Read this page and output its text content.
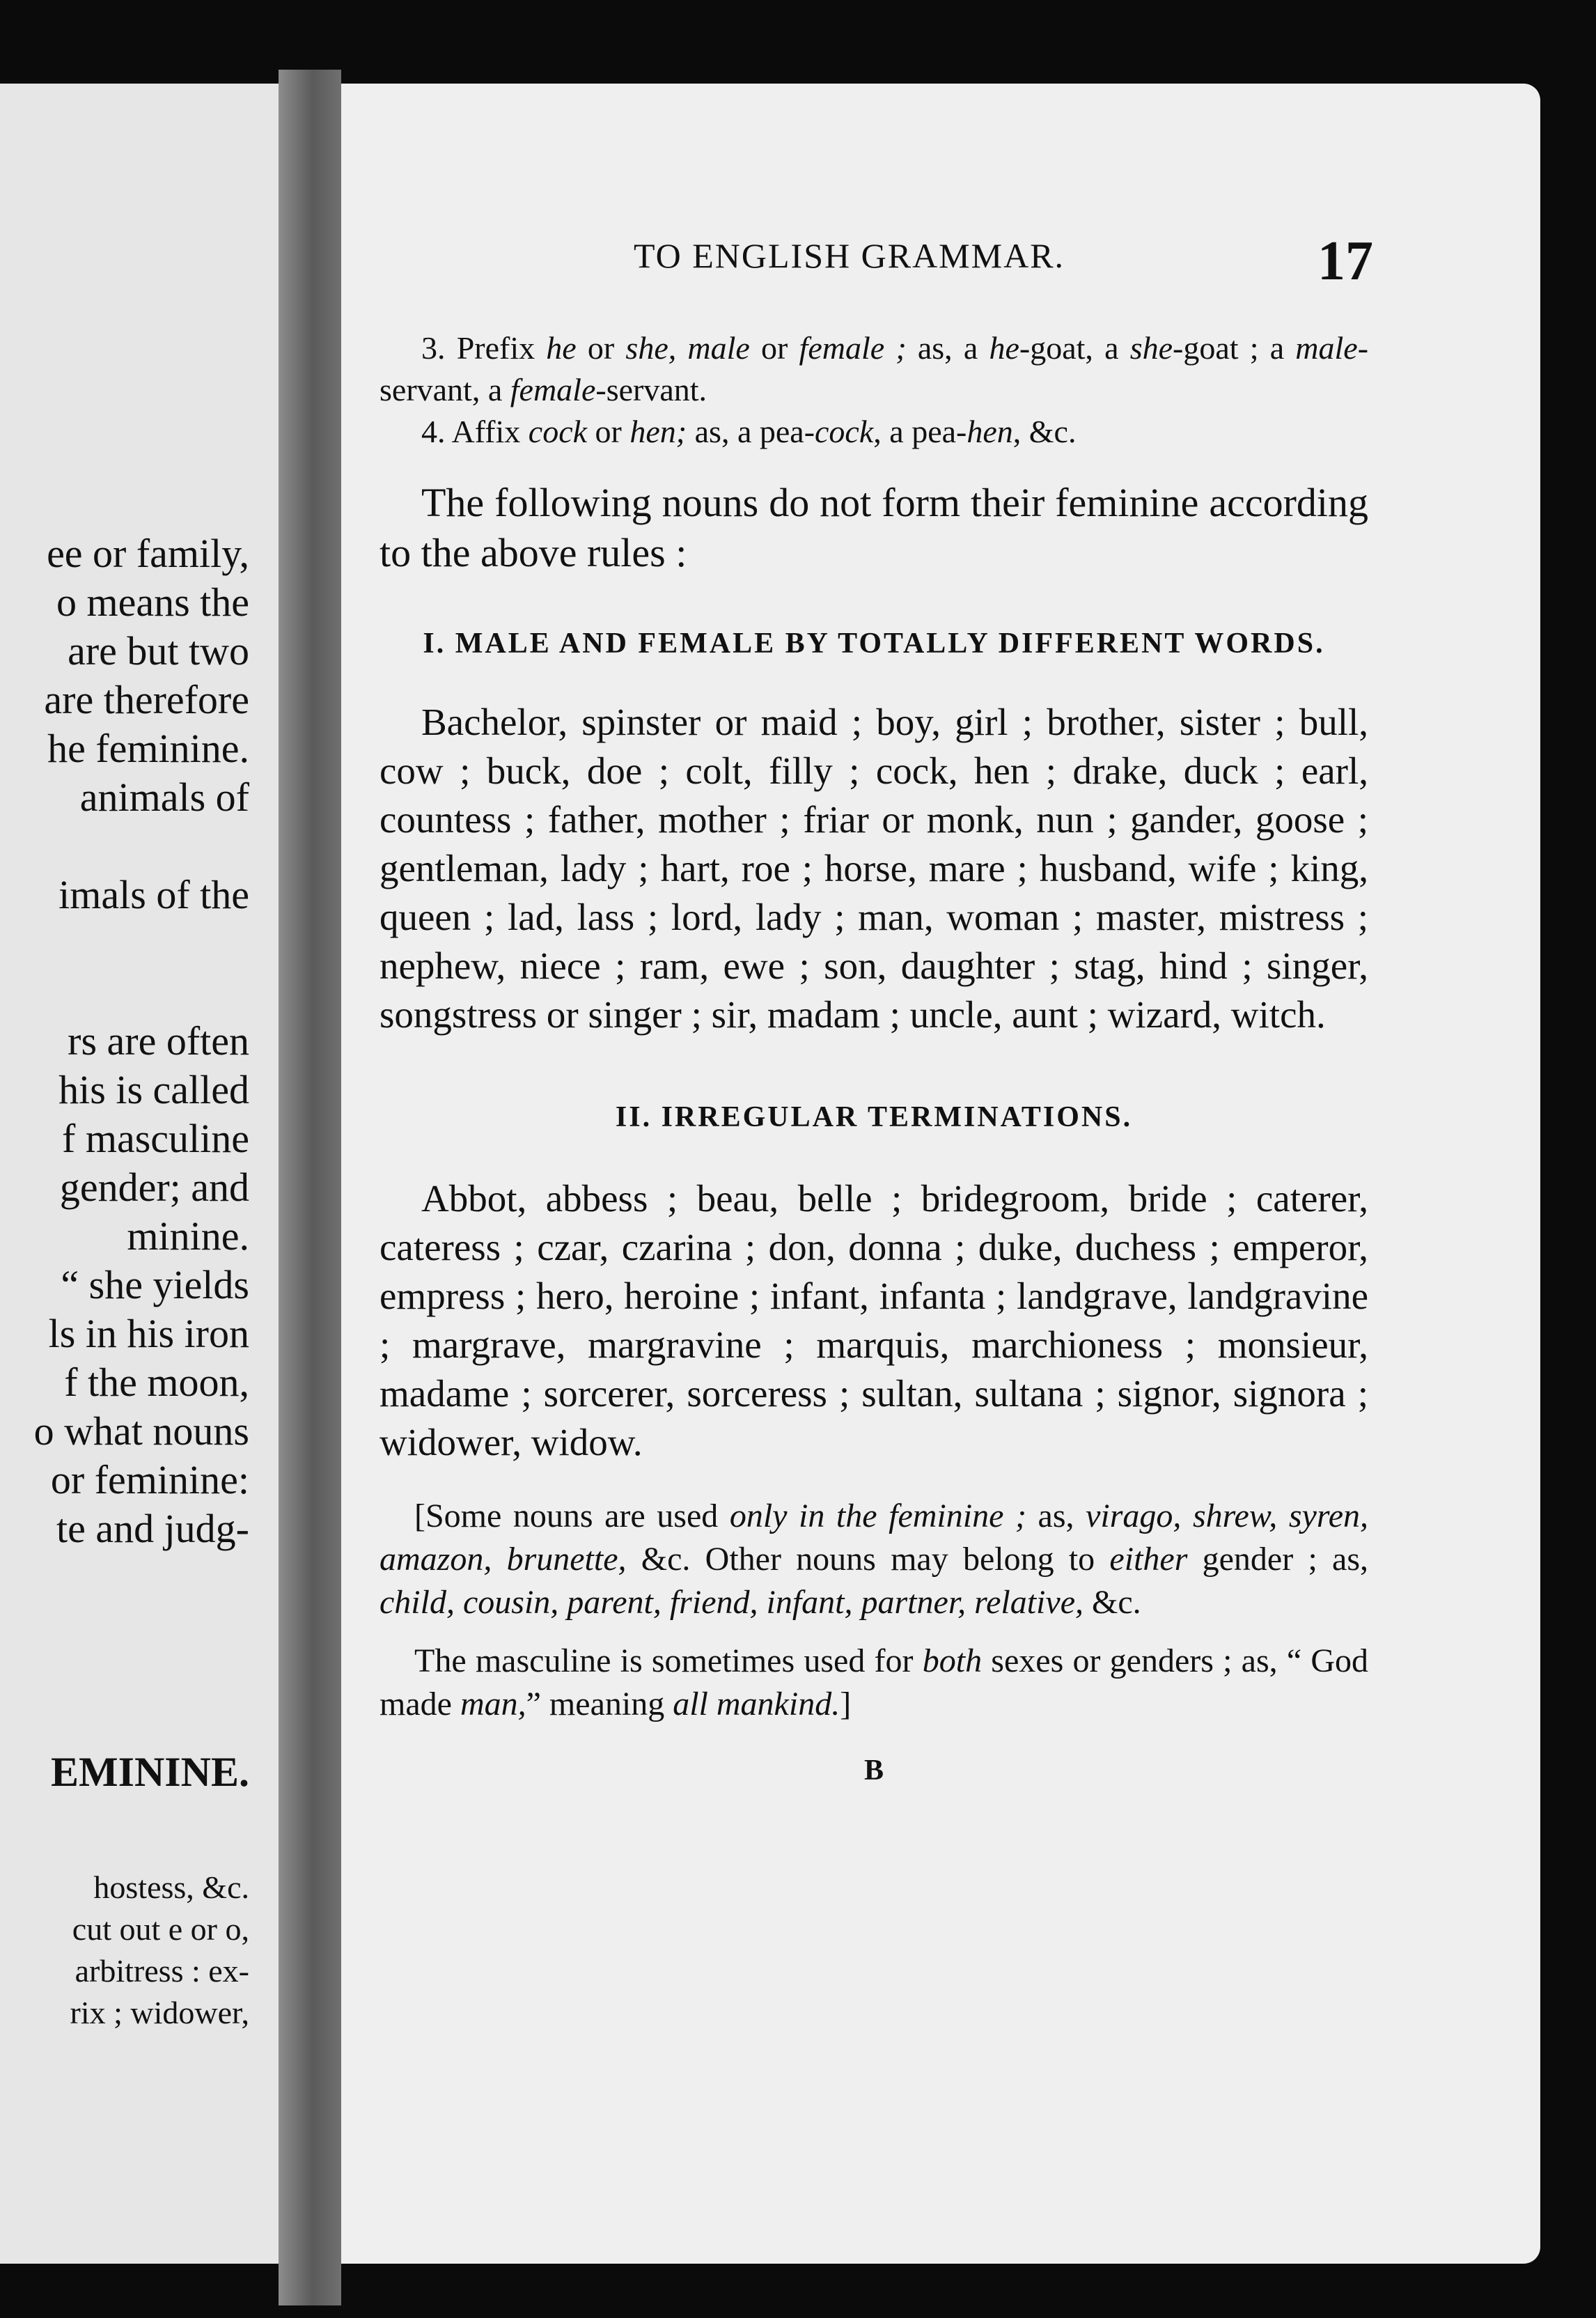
ee or family,
o means the
are but two
are therefore
he feminine.
animals of

imals of the

rs are often
his is called
f masculine
gender; and
minine.
“ she yields
ls in his iron
f the moon,
o what nouns
or feminine:
te and judg-

EMININE.

hostess, &c.
cut out e or o,
arbitress : ex-
rix ; widower,

TO ENGLISH GRAMMAR.	17

3. Prefix he or she, male or female ; as, a he-goat, a she-goat ; a male-servant, a female-servant.

4. Affix cock or hen; as, a pea-cock, a pea-hen, &c.

The following nouns do not form their feminine according to the above rules :

I. MALE AND FEMALE BY TOTALLY DIFFERENT WORDS.

Bachelor, spinster or maid ; boy, girl ; brother, sister ; bull, cow ; buck, doe ; colt, filly ; cock, hen ; drake, duck ; earl, countess ; father, mother ; friar or monk, nun ; gander, goose ; gentleman, lady ; hart, roe ; horse, mare ; husband, wife ; king, queen ; lad, lass ; lord, lady ; man, woman ; master, mistress ; nephew, niece ; ram, ewe ; son, daughter ; stag, hind ; singer, songstress or singer ; sir, madam ; uncle, aunt ; wizard, witch.

II. IRREGULAR TERMINATIONS.

Abbot, abbess ; beau, belle ; bridegroom, bride ; caterer, cateress ; czar, czarina ; don, donna ; duke, duchess ; emperor, empress ; hero, heroine ; infant, infanta ; landgrave, landgravine ; margrave, margravine ; marquis, marchioness ; monsieur, madame ; sorcerer, sorceress ; sultan, sultana ; signor, signora ; widower, widow.

[Some nouns are used only in the feminine ; as, virago, shrew, syren, amazon, brunette, &c. Other nouns may belong to either gender ; as, child, cousin, parent, friend, infant, partner, relative, &c.

The masculine is sometimes used for both sexes or genders ; as, “ God made man,” meaning all mankind.]

B
